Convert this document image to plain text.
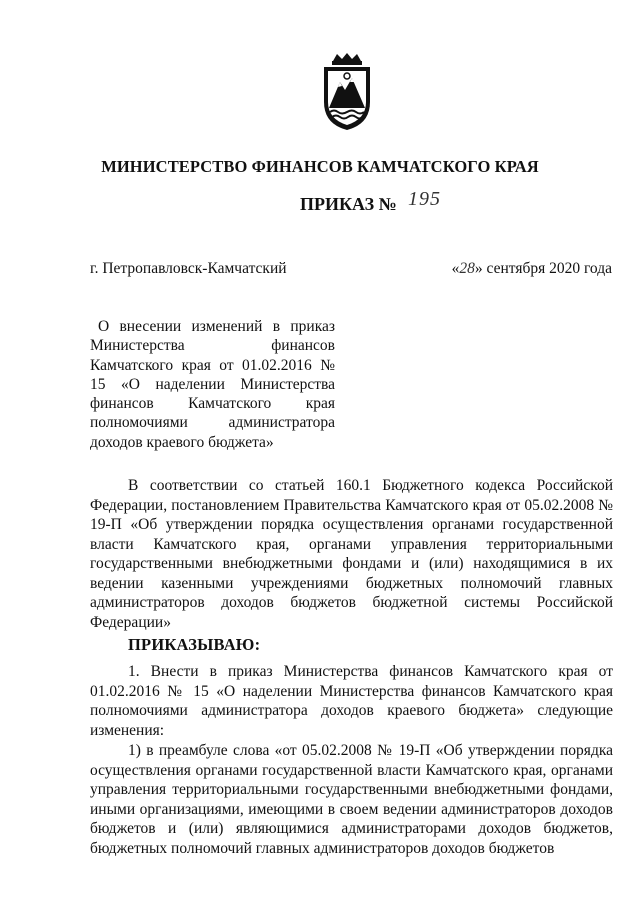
МИНИСТЕРСТВО ФИНАНСОВ КАМЧАТСКОГО КРАЯ
ПРИКАЗ № 195
г. Петропавловск-Камчатский	«28» сентября 2020 года

О внесении изменений в приказ Министерства финансов Камчатского края от 01.02.2016 № 15 «О наделении Министерства финансов Камчатского края полномочиями администратора доходов краевого бюджета»

В соответствии со статьей 160.1 Бюджетного кодекса Российской Федерации, постановлением Правительства Камчатского края от 05.02.2008 № 19-П «Об утверждении порядка осуществления органами государственной власти Камчатского края, органами управления территориальными государственными внебюджетными фондами и (или) находящимися в их ведении казенными учреждениями бюджетных полномочий главных администраторов доходов бюджетов бюджетной системы Российской Федерации»

ПРИКАЗЫВАЮ:

1. Внести в приказ Министерства финансов Камчатского края от 01.02.2016 № 15 «О наделении Министерства финансов Камчатского края полномочиями администратора доходов краевого бюджета» следующие изменения:

1) в преамбуле слова «от 05.02.2008 № 19-П «Об утверждении порядка осуществления органами государственной власти Камчатского края, органами управления территориальными государственными внебюджетными фондами, иными организациями, имеющими в своем ведении администраторов доходов бюджетов и (или) являющимися администраторами доходов бюджетов, бюджетных полномочий главных администраторов доходов бюджетов
